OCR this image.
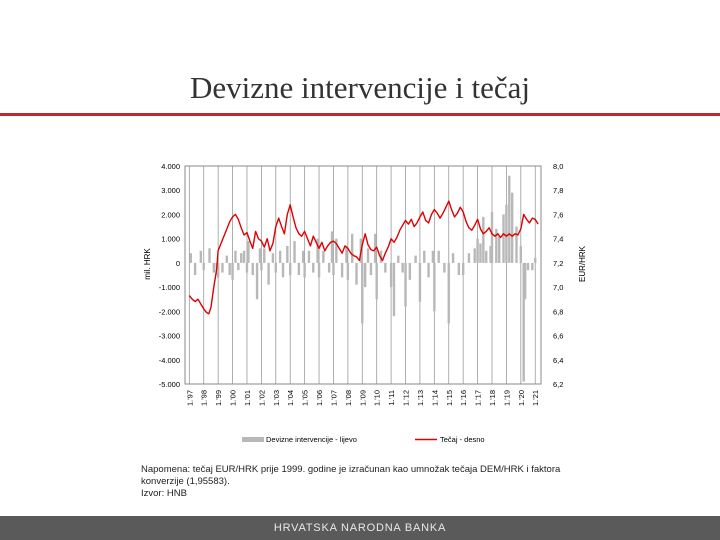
Devizne intervencije i tečaj
4.000
3.000
2.000
1.000
0
-1.000
-2.000
-3.000
-4.000
-5.000
8,0
7,8
7,6
7,4
7,2
7,0
6,8
6,6
6,4
6,2
1.'97 1.'98 1.'99 1.'00 1.'01 1.'02 1.'03 1.'04 1.'05 1.'06 1.'07 1.'08 1.'09 1.'10 1.'11 1.'12 1.'13 1.'14 1.'15 1.'16 1.'17 1.'18 1.'19 1.'20 1.'21
mil. HRK	EUR/HRK
Devizne intervencije - lijevo	Tečaj - desno
Napomena: tečaj EUR/HRK prije 1999. godine je izračunan kao umnožak tečaja DEM/HRK i faktora
konverzije (1,95583).
Izvor: HNB
HRVATSKA NARODNA BANKA
